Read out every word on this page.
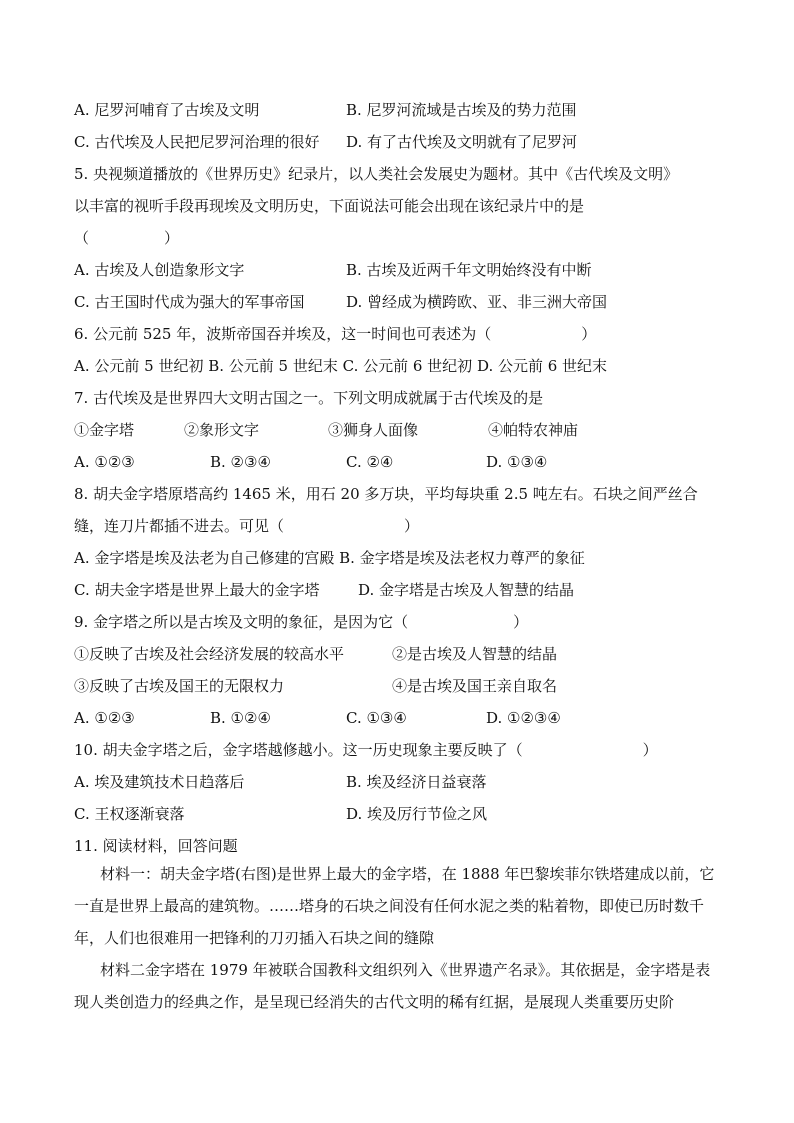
A. 尼罗河哺育了古埃及文明	B. 尼罗河流域是古埃及的势力范围
C. 古代埃及人民把尼罗河治理的很好 D. 有了古代埃及文明就有了尼罗河
5. 央视频道播放的《世界历史》纪录片，以人类社会发展史为题材。其中《古代埃及文明》
以丰富的视听手段再现埃及文明历史，下面说法可能会出现在该纪录片中的是
（　　　　　）
A. 古埃及人创造象形文字	B. 古埃及近两千年文明始终没有中断
C. 古王国时代成为强大的军事帝国	D. 曾经成为横跨欧、亚、非三洲大帝国
6. 公元前 525 年，波斯帝国吞并埃及，这一时间也可表述为（　　　　　　）
A. 公元前 5 世纪初 B. 公元前 5 世纪末 C. 公元前 6 世纪初 D. 公元前 6 世纪末
7. 古代埃及是世界四大文明古国之一。下列文明成就属于古代埃及的是
①金字塔	②象形文字	③狮身人面像	④帕特农神庙
A. ①②③	B. ②③④	C. ②④	D. ①③④
8. 胡夫金字塔原塔高约 1465 米，用石 20 多万块，平均每块重 2.5 吨左右。石块之间严丝合
缝，连刀片都插不进去。可见（　　　　　　　　）
A. 金字塔是埃及法老为自己修建的宫殿 B. 金字塔是埃及法老权力尊严的象征
C. 胡夫金字塔是世界上最大的金字塔	D. 金字塔是古埃及人智慧的结晶
9. 金字塔之所以是古埃及文明的象征，是因为它（　　　　　　　）
①反映了古埃及社会经济发展的较高水平	②是古埃及人智慧的结晶
③反映了古埃及国王的无限权力	④是古埃及国王亲自取名
A. ①②③	B. ①②④	C. ①③④	D. ①②③④
10. 胡夫金字塔之后，金字塔越修越小。这一历史现象主要反映了（　　　　　　　　）
A. 埃及建筑技术日趋落后	B. 埃及经济日益衰落
C. 王权逐渐衰落	D. 埃及厉行节俭之风
11. 阅读材料，回答问题
材料一：胡夫金字塔(右图)是世界上最大的金字塔，在 1888 年巴黎埃菲尔铁塔建成以前，它一直是世界上最高的建筑物。……塔身的石块之间没有任何水泥之类的粘着物，即使已历时数千年，人们也很难用一把锋利的刀刃插入石块之间的缝隙
材料二金字塔在 1979 年被联合国教科文组织列入《世界遗产名录》。其依据是，金字塔是表现人类创造力的经典之作，是呈现已经消失的古代文明的稀有红据，是展现人类重要历史阶
